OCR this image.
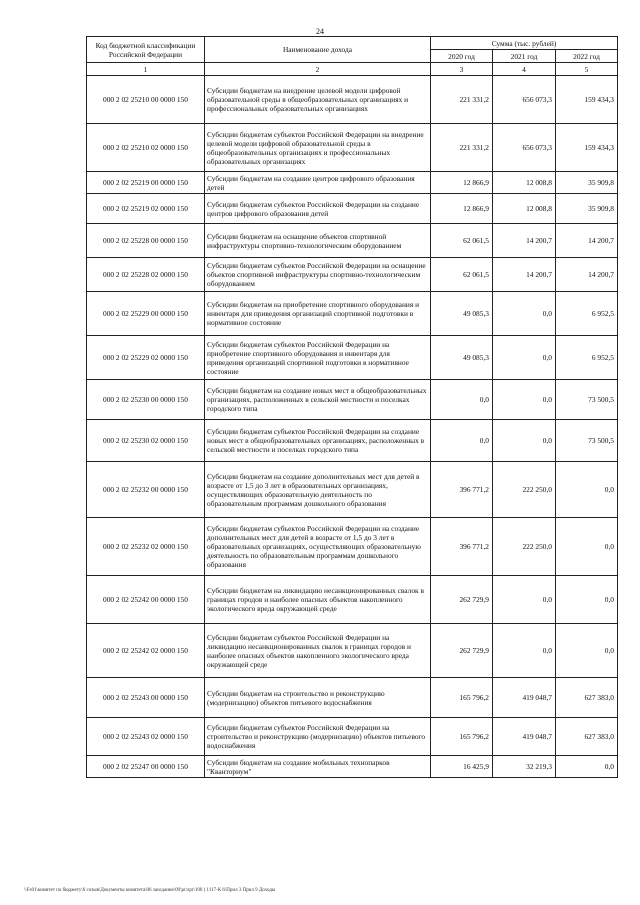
24
Код бюджетной классификации Российской Федерации	Наименование дохода	Сумма (тыс. рублей)		
		2020 год	2021 год	2022 год
1	2	3	4	5
000 2 02 25210 00 0000 150	Субсидии бюджетам на внедрение целевой модели цифровой образовательной среды в общеобразовательных организациях и профессиональных образовательных организациях	221 331,2	656 073,3	159 434,3
000 2 02 25210 02 0000 150	Субсидии бюджетам субъектов Российской Федерации на внедрение целевой модели цифровой образовательной среды в общеобразовательных организациях и профессиональных образовательных организациях	221 331,2	656 073,3	159 434,3
000 2 02 25219 00 0000 150	Субсидии бюджетам на создание центров цифрового образования детей	12 866,9	12 008,8	35 909,8
000 2 02 25219 02 0000 150	Субсидии бюджетам субъектов Российской Федерации на создание центров цифрового образования детей	12 866,9	12 008,8	35 909,8
000 2 02 25228 00 0000 150	Субсидии бюджетам на оснащение объектов спортивной инфраструктуры спортивно-технологическим оборудованием	62 061,5	14 200,7	14 200,7
000 2 02 25228 02 0000 150	Субсидии бюджетам субъектов Российской Федерации на оснащение объектов спортивной инфраструктуры спортивно-технологическим оборудованием	62 061,5	14 200,7	14 200,7
000 2 02 25229 00 0000 150	Субсидии бюджетам на приобретение спортивного оборудования и инвентаря для приведения организаций спортивной подготовки в нормативное состояние	49 085,3	0,0	6 952,5
000 2 02 25229 02 0000 150	Субсидии бюджетам субъектов Российской Федерации на приобретение спортивного оборудования и инвентаря для приведения организаций спортивной подготовки в нормативное состояние	49 085,3	0,0	6 952,5
000 2 02 25230 00 0000 150	Субсидии бюджетам на создание новых мест в общеобразовательных организациях, расположенных в сельской местности и поселках городского типа	0,0	0,0	73 500,5
000 2 02 25230 02 0000 150	Субсидии бюджетам субъектов Российской Федерации на создание новых мест в общеобразовательных организациях, расположенных в сельской местности и поселках городского типа	0,0	0,0	73 500,5
000 2 02 25232 00 0000 150	Субсидии бюджетам на создание дополнительных мест для детей в возрасте от 1,5 до 3 лет в образовательных организациях, осуществляющих образовательную деятельность по образовательным программам дошкольного образования	396 771,2	222 250,0	0,0
000 2 02 25232 02 0000 150	Субсидии бюджетам субъектов Российской Федерации на создание дополнительных мест для детей в возрасте от 1,5 до 3 лет в образовательных организациях, осуществляющих образовательную деятельность по образовательным программам дошкольного образования	396 771,2	222 250,0	0,0
000 2 02 25242 00 0000 150	Субсидии бюджетам на ликвидацию несанкционированных свалок в границах городов и наиболее опасных объектов накопленного экологического вреда окружающей среде	262 729,9	0,0	0,0
000 2 02 25242 02 0000 150	Субсидии бюджетам субъектов Российской Федерации на ликвидацию несанкционированных свалок в границах городов и наиболее опасных объектов накопленного экологического вреда окружающей среде	262 729,9	0,0	0,0
000 2 02 25243 00 0000 150	Субсидии бюджетам на строительство и реконструкцию (модернизацию) объектов питьевого водоснабжения	165 796,2	419 048,7	627 383,0
000 2 02 25243 02 0000 150	Субсидии бюджетам субъектов Российской Федерации на строительство и реконструкцию (модернизацию) объектов питьевого водоснабжения	165 796,2	419 048,7	627 383,0
000 2 02 25247 00 0000 150	Субсидии бюджетам на создание мобильных технопарков "Кванториум"	16 425,9	32 219,3	0,0
\\Fs01\комитет по бюджету\6 созыв\Документы комитета\06 заседание\09\pr\zpr\100 ) 1117-К 6\Прил 3 Прил 9 Доходы
